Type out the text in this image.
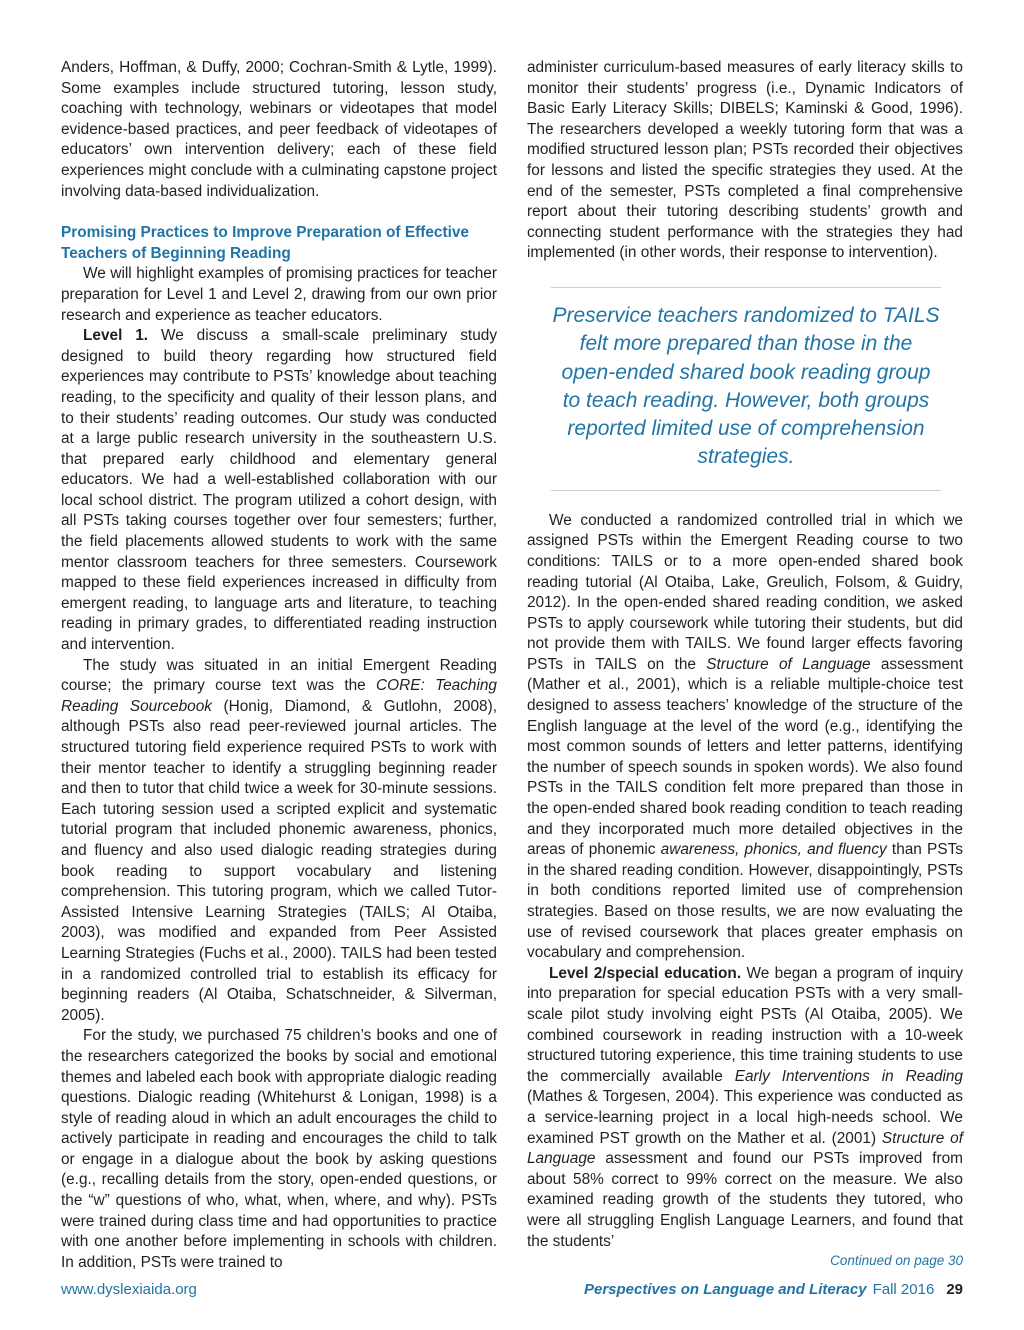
Anders, Hoffman, & Duffy, 2000; Cochran-Smith & Lytle, 1999). Some examples include structured tutoring, lesson study, coaching with technology, webinars or videotapes that model evidence-based practices, and peer feedback of videotapes of educators’ own intervention delivery; each of these field experiences might conclude with a culminating capstone project involving data-based individualization.

Promising Practices to Improve Preparation of Effective Teachers of Beginning Reading

We will highlight examples of promising practices for teacher preparation for Level 1 and Level 2, drawing from our own prior research and experience as teacher educators.

Level 1. We discuss a small-scale preliminary study designed to build theory regarding how structured field experiences may contribute to PSTs’ knowledge about teaching reading, to the specificity and quality of their lesson plans, and to their students’ reading outcomes. Our study was conducted at a large public research university in the southeastern U.S. that prepared early childhood and elementary general educators. We had a well-established collaboration with our local school district. The program utilized a cohort design, with all PSTs taking courses together over four semesters; further, the field placements allowed students to work with the same mentor classroom teachers for three semesters. Coursework mapped to these field experiences increased in difficulty from emergent reading, to language arts and literature, to teaching reading in primary grades, to differentiated reading instruction and intervention.

The study was situated in an initial Emergent Reading course; the primary course text was the CORE: Teaching Reading Sourcebook (Honig, Diamond, & Gutlohn, 2008), although PSTs also read peer-reviewed journal articles. The structured tutoring field experience required PSTs to work with their mentor teacher to identify a struggling beginning reader and then to tutor that child twice a week for 30-minute sessions. Each tutoring session used a scripted explicit and systematic tutorial program that included phonemic awareness, phonics, and fluency and also used dialogic reading strategies during book reading to support vocabulary and listening comprehension. This tutoring program, which we called Tutor-Assisted Intensive Learning Strategies (TAILS; Al Otaiba, 2003), was modified and expanded from Peer Assisted Learning Strategies (Fuchs et al., 2000). TAILS had been tested in a randomized controlled trial to establish its efficacy for beginning readers (Al Otaiba, Schatschneider, & Silverman, 2005).

For the study, we purchased 75 children’s books and one of the researchers categorized the books by social and emotional themes and labeled each book with appropriate dialogic reading questions. Dialogic reading (Whitehurst & Lonigan, 1998) is a style of reading aloud in which an adult encourages the child to actively participate in reading and encourages the child to talk or engage in a dialogue about the book by asking questions (e.g., recalling details from the story, open-ended questions, or the “w” questions of who, what, when, where, and why). PSTs were trained during class time and had opportunities to practice with one another before implementing in schools with children. In addition, PSTs were trained to

administer curriculum-based measures of early literacy skills to monitor their students’ progress (i.e., Dynamic Indicators of Basic Early Literacy Skills; DIBELS; Kaminski & Good, 1996). The researchers developed a weekly tutoring form that was a modified structured lesson plan; PSTs recorded their objectives for lessons and listed the specific strategies they used. At the end of the semester, PSTs completed a final comprehensive report about their tutoring describing students’ growth and connecting student performance with the strategies they had implemented (in other words, their response to intervention).

Preservice teachers randomized to TAILS felt more prepared than those in the open-ended shared book reading group to teach reading. However, both groups reported limited use of comprehension strategies.

We conducted a randomized controlled trial in which we assigned PSTs within the Emergent Reading course to two conditions: TAILS or to a more open-ended shared book reading tutorial (Al Otaiba, Lake, Greulich, Folsom, & Guidry, 2012). In the open-ended shared reading condition, we asked PSTs to apply coursework while tutoring their students, but did not provide them with TAILS. We found larger effects favoring PSTs in TAILS on the Structure of Language assessment (Mather et al., 2001), which is a reliable multiple-choice test designed to assess teachers’ knowledge of the structure of the English language at the level of the word (e.g., identifying the most common sounds of letters and letter patterns, identifying the number of speech sounds in spoken words). We also found PSTs in the TAILS condition felt more prepared than those in the open-ended shared book reading condition to teach reading and they incorporated much more detailed objectives in the areas of phonemic awareness, phonics, and fluency than PSTs in the shared reading condition. However, disappointingly, PSTs in both conditions reported limited use of comprehension strategies. Based on those results, we are now evaluating the use of revised coursework that places greater emphasis on vocabulary and comprehension.

Level 2/special education. We began a program of inquiry into preparation for special education PSTs with a very small-scale pilot study involving eight PSTs (Al Otaiba, 2005). We combined coursework in reading instruction with a 10-week structured tutoring experience, this time training students to use the commercially available Early Interventions in Reading (Mathes & Torgesen, 2004). This experience was conducted as a service-learning project in a local high-needs school. We examined PST growth on the Mather et al. (2001) Structure of Language assessment and found our PSTs improved from about 58% correct to 99% correct on the measure. We also examined reading growth of the students they tutored, who were all struggling English Language Learners, and found that the students’

Continued on page 30

www.dyslexiaida.org	Perspectives on Language and Literacy Fall 2016 29
